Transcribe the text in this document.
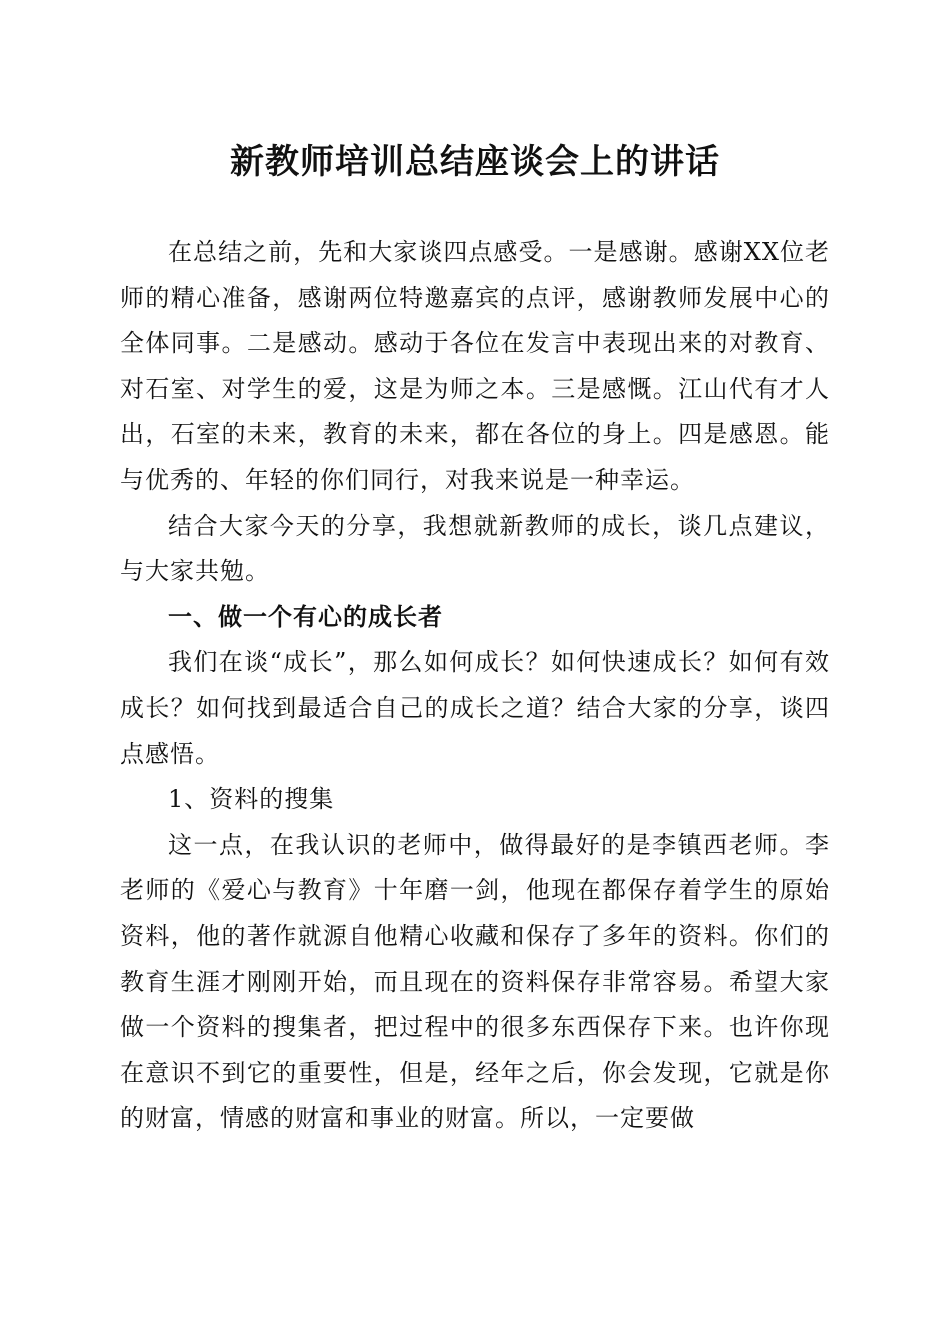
新教师培训总结座谈会上的讲话

在总结之前，先和大家谈四点感受。一是感谢。感谢XX位老师的精心准备，感谢两位特邀嘉宾的点评，感谢教师发展中心的全体同事。二是感动。感动于各位在发言中表现出来的对教育、对石室、对学生的爱，这是为师之本。三是感慨。江山代有才人出，石室的未来，教育的未来，都在各位的身上。四是感恩。能与优秀的、年轻的你们同行，对我来说是一种幸运。

结合大家今天的分享，我想就新教师的成长，谈几点建议，与大家共勉。

一、做一个有心的成长者

我们在谈“成长”，那么如何成长？如何快速成长？如何有效成长？如何找到最适合自己的成长之道？结合大家的分享，谈四点感悟。

1、资料的搜集

这一点，在我认识的老师中，做得最好的是李镇西老师。李老师的《爱心与教育》十年磨一剑，他现在都保存着学生的原始资料，他的著作就源自他精心收藏和保存了多年的资料。你们的教育生涯才刚刚开始，而且现在的资料保存非常容易。希望大家做一个资料的搜集者，把过程中的很多东西保存下来。也许你现在意识不到它的重要性，但是，经年之后，你会发现，它就是你的财富，情感的财富和事业的财富。所以，一定要做
